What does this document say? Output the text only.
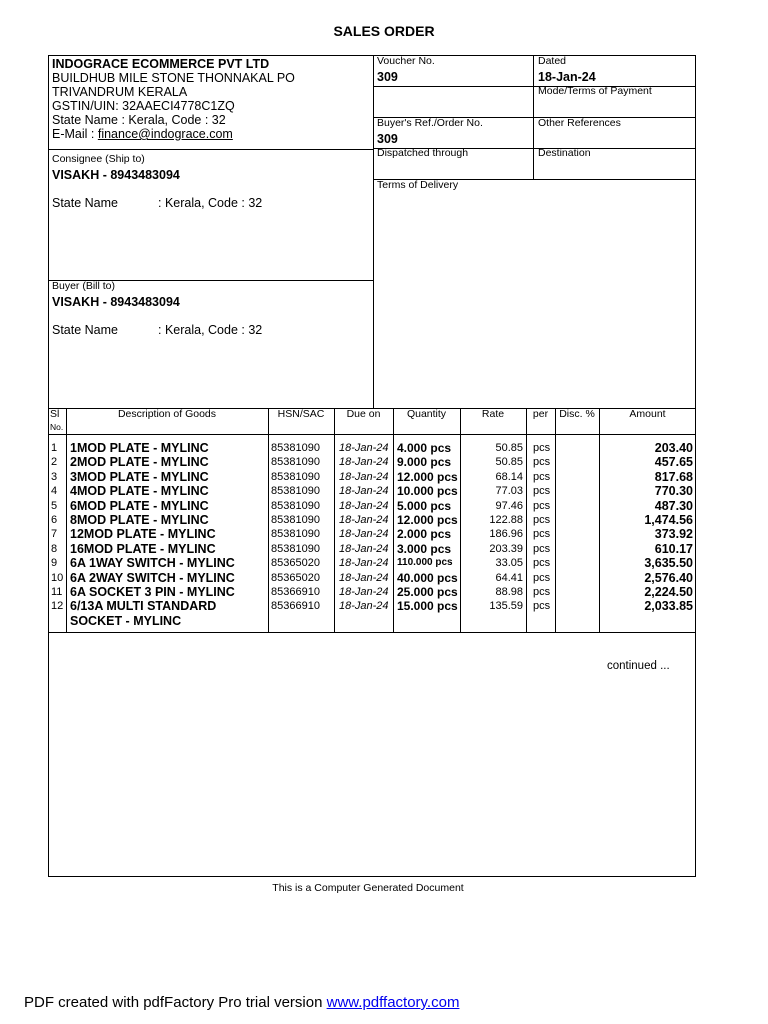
SALES ORDER
INDOGRACE ECOMMERCE PVT LTD
BUILDHUB MILE STONE THONNAKAL PO
TRIVANDRUM KERALA
GSTIN/UIN: 32AAECI4778C1ZQ
State Name : Kerala, Code : 32
E-Mail : finance@indograce.com
Consignee (Ship to)
VISAKH - 8943483094
State Name	: Kerala, Code : 32
Buyer (Bill to)
VISAKH - 8943483094
State Name	: Kerala, Code : 32
Voucher No.
309
Dated
18-Jan-24
Mode/Terms of Payment
Buyer's Ref./Order No.
309
Other References
Dispatched through	Destination
Terms of Delivery
Sl
No.
Description of Goods	HSN/SAC	Due on	Quantity	Rate	per	Disc. %	Amount
1 1MOD PLATE - MYLINC	85381090 18-Jan-24 4.000 pcs	50.85 pcs	203.40
2 2MOD PLATE - MYLINC	85381090 18-Jan-24 9.000 pcs	50.85 pcs	457.65
3 3MOD PLATE - MYLINC	85381090 18-Jan-24 12.000 pcs	68.14 pcs	817.68
4 4MOD PLATE - MYLINC	85381090 18-Jan-24 10.000 pcs	77.03 pcs	770.30
5 6MOD PLATE - MYLINC	85381090 18-Jan-24 5.000 pcs	97.46 pcs	487.30
6 8MOD PLATE - MYLINC	85381090 18-Jan-24 12.000 pcs	122.88 pcs	1,474.56
7 12MOD PLATE - MYLINC	85381090 18-Jan-24 2.000 pcs	186.96 pcs	373.92
8 16MOD PLATE - MYLINC	85381090 18-Jan-24 3.000 pcs	203.39 pcs	610.17
9 6A 1WAY SWITCH - MYLINC	85365020 18-Jan-24 110.000 pcs	33.05 pcs	3,635.50
10 6A 2WAY SWITCH - MYLINC	85365020 18-Jan-24 40.000 pcs	64.41 pcs	2,576.40
11 6A SOCKET 3 PIN - MYLINC	85366910 18-Jan-24 25.000 pcs	88.98 pcs	2,224.50
12 6/13A MULTI STANDARD	85366910 18-Jan-24 15.000 pcs	135.59 pcs	2,033.85
SOCKET - MYLINC
continued ...
This is a Computer Generated Document
PDF created with pdfFactory Pro trial version www.pdffactory.com
